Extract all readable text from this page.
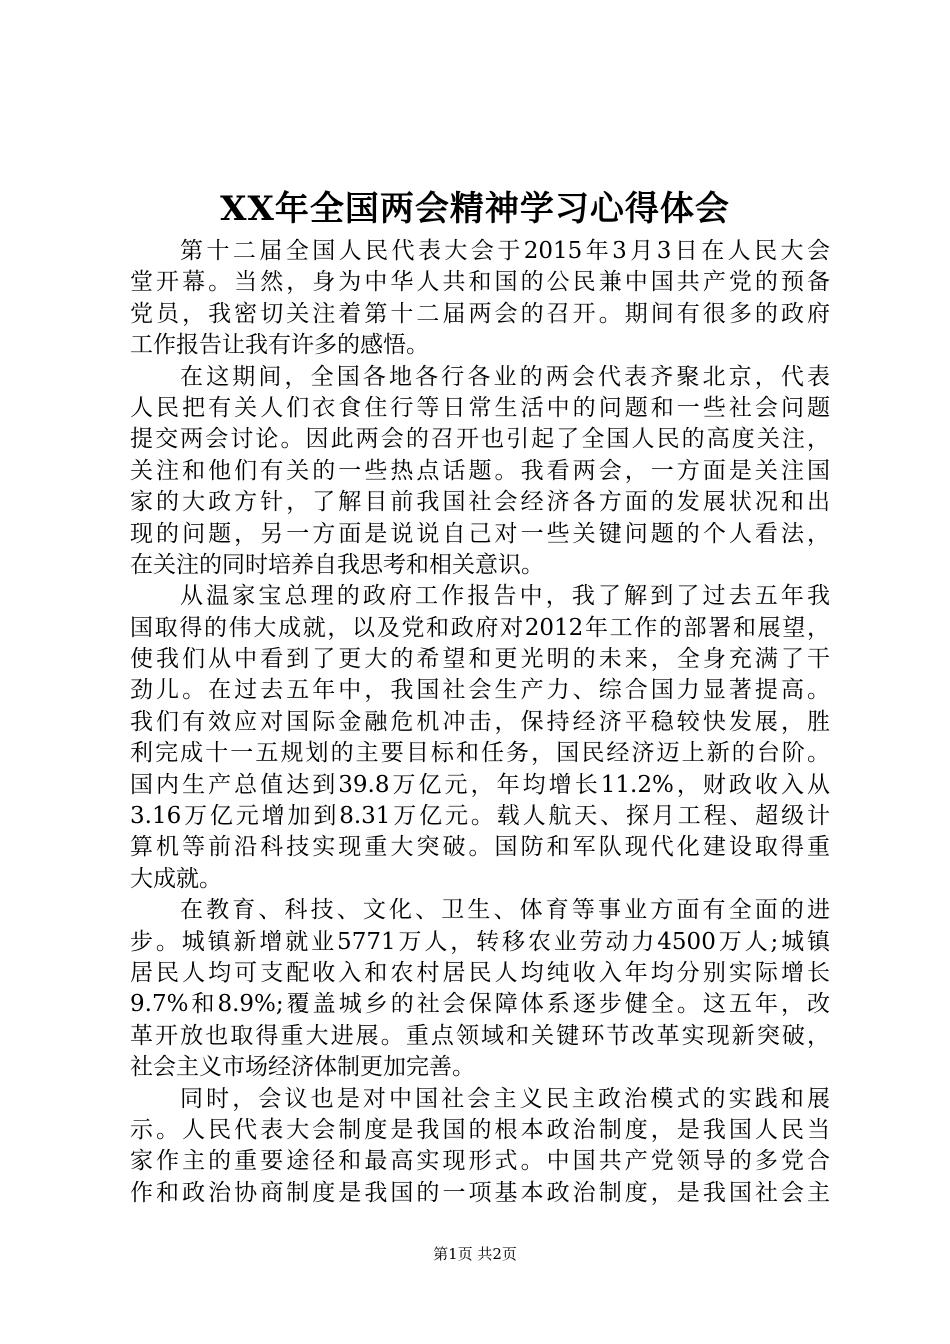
XX年全国两会精神学习心得体会
第十二届全国人民代表大会于2015年3月3日在人民大会
堂开幕。当然，身为中华人共和国的公民兼中国共产党的预备
党员，我密切关注着第十二届两会的召开。期间有很多的政府
工作报告让我有许多的感悟。
在这期间，全国各地各行各业的两会代表齐聚北京，代表
人民把有关人们衣食住行等日常生活中的问题和一些社会问题
提交两会讨论。因此两会的召开也引起了全国人民的高度关注，
关注和他们有关的一些热点话题。我看两会，一方面是关注国
家的大政方针，了解目前我国社会经济各方面的发展状况和出
现的问题，另一方面是说说自己对一些关键问题的个人看法，
在关注的同时培养自我思考和相关意识。
从温家宝总理的政府工作报告中，我了解到了过去五年我
国取得的伟大成就，以及党和政府对2012年工作的部署和展望，
使我们从中看到了更大的希望和更光明的未来，全身充满了干
劲儿。在过去五年中，我国社会生产力、综合国力显著提高。
我们有效应对国际金融危机冲击，保持经济平稳较快发展，胜
利完成十一五规划的主要目标和任务，国民经济迈上新的台阶。
国内生产总值达到39.8万亿元，年均增长11.2%，财政收入从
3.16万亿元增加到8.31万亿元。载人航天、探月工程、超级计
算机等前沿科技实现重大突破。国防和军队现代化建设取得重
大成就。
在教育、科技、文化、卫生、体育等事业方面有全面的进
步。城镇新增就业5771万人，转移农业劳动力4500万人;城镇
居民人均可支配收入和农村居民人均纯收入年均分别实际增长
9.7%和8.9%;覆盖城乡的社会保障体系逐步健全。这五年，改
革开放也取得重大进展。重点领域和关键环节改革实现新突破，
社会主义市场经济体制更加完善。
同时，会议也是对中国社会主义民主政治模式的实践和展
示。人民代表大会制度是我国的根本政治制度，是我国人民当
家作主的重要途径和最高实现形式。中国共产党领导的多党合
作和政治协商制度是我国的一项基本政治制度，是我国社会主
第1页 共2页
